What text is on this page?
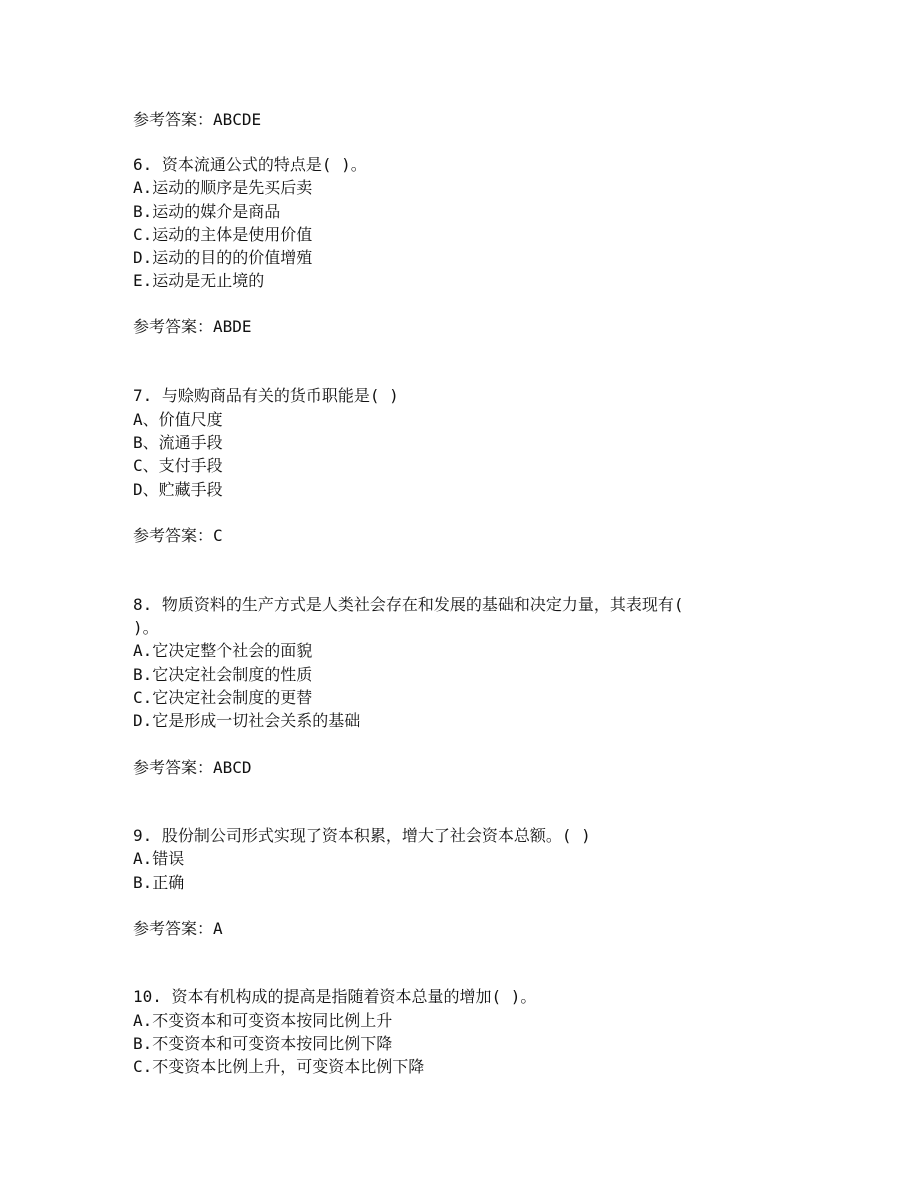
参考答案：ABCDE
6. 资本流通公式的特点是( )。
A.运动的顺序是先买后卖
B.运动的媒介是商品
C.运动的主体是使用价值
D.运动的目的的价值增殖
E.运动是无止境的
参考答案：ABDE
7. 与赊购商品有关的货币职能是( )
A、价值尺度
B、流通手段
C、支付手段
D、贮藏手段
参考答案：C
8. 物质资料的生产方式是人类社会存在和发展的基础和决定力量，其表现有(
)。
A.它决定整个社会的面貌
B.它决定社会制度的性质
C.它决定社会制度的更替
D.它是形成一切社会关系的基础
参考答案：ABCD
9. 股份制公司形式实现了资本积累，增大了社会资本总额。( )
A.错误
B.正确
参考答案：A
10. 资本有机构成的提高是指随着资本总量的增加( )。
A.不变资本和可变资本按同比例上升
B.不变资本和可变资本按同比例下降
C.不变资本比例上升，可变资本比例下降
